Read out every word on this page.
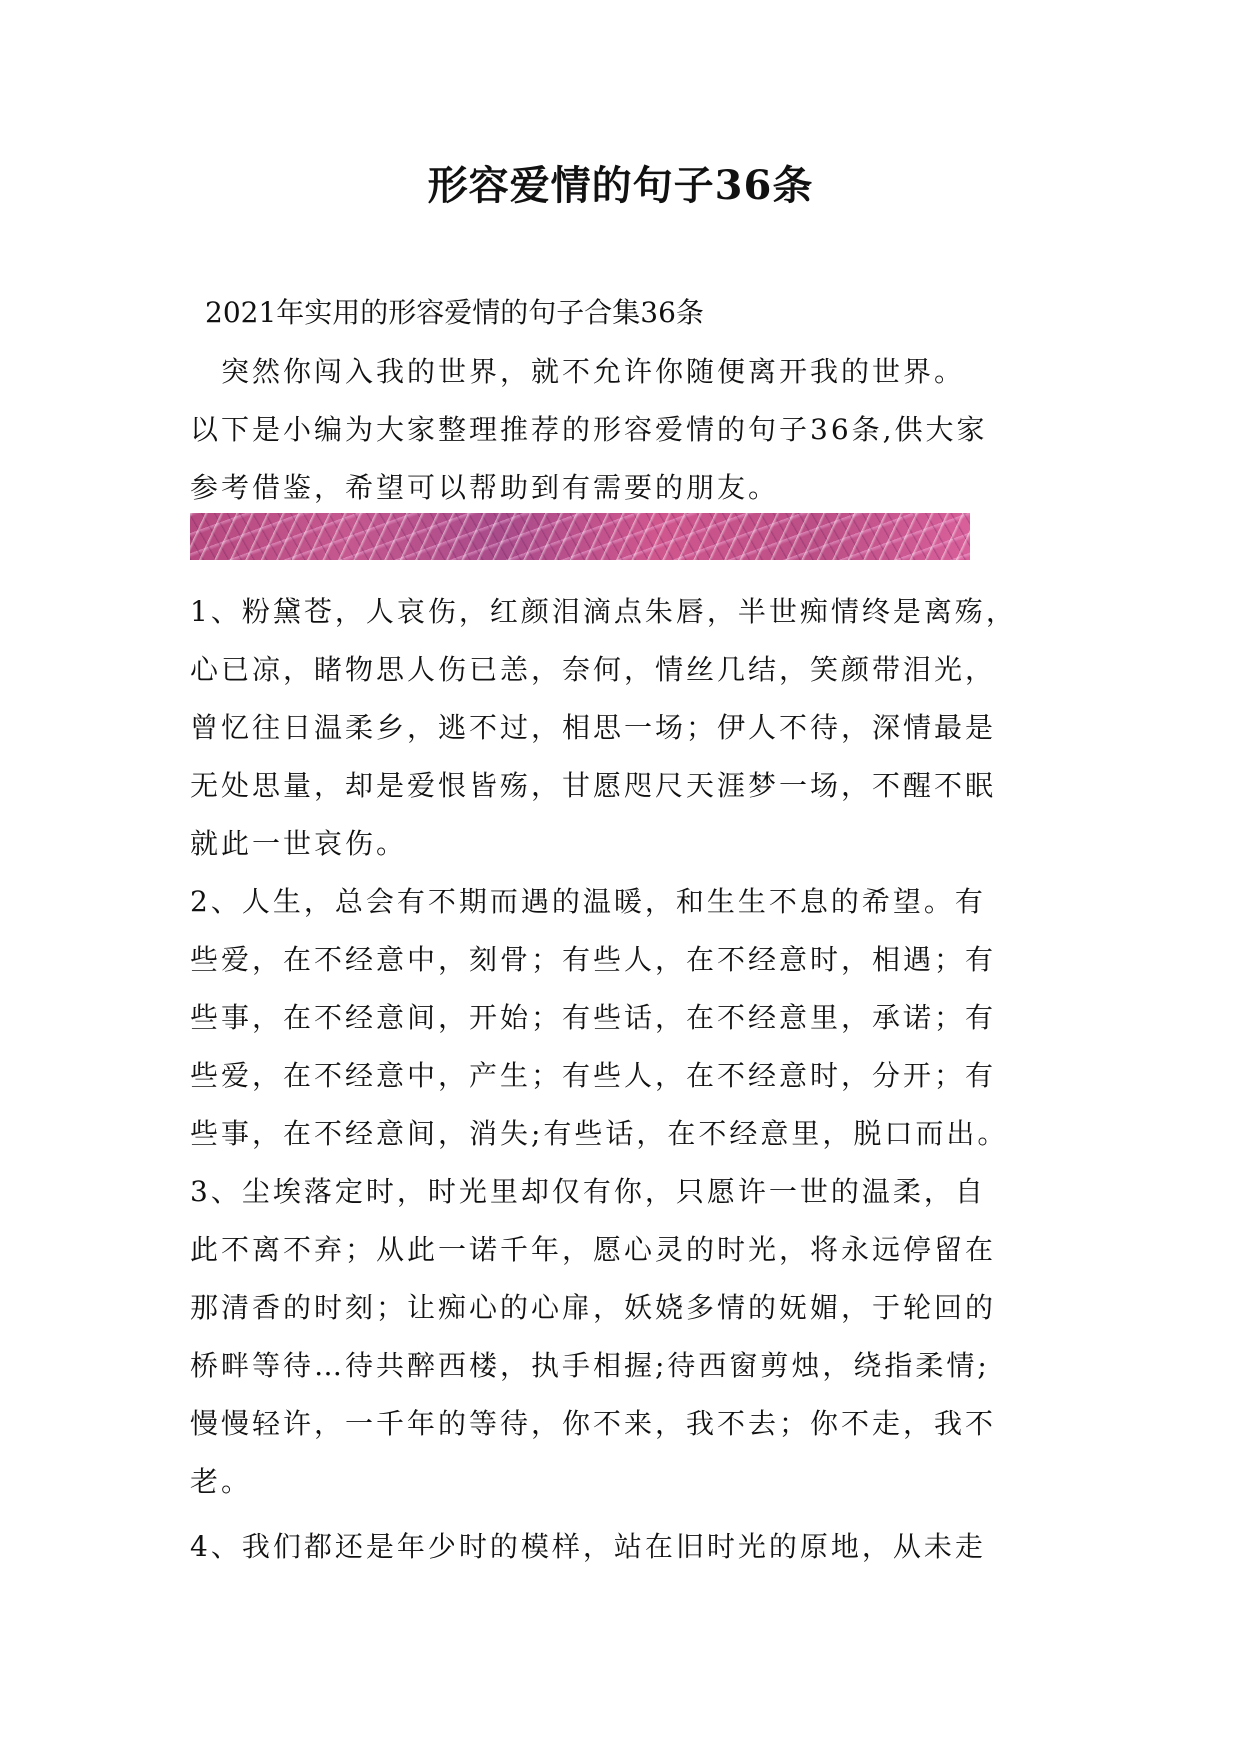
形容爱情的句子36条
2021年实用的形容爱情的句子合集36条
　突然你闯入我的世界，就不允许你随便离开我的世界。
以下是小编为大家整理推荐的形容爱情的句子36条,供大家
参考借鉴，希望可以帮助到有需要的朋友。
1、粉黛苍，人哀伤，红颜泪滴点朱唇，半世痴情终是离殇，
心已凉，睹物思人伤已恙，奈何，情丝几结，笑颜带泪光，
曾忆往日温柔乡，逃不过，相思一场；伊人不待，深情最是
无处思量，却是爱恨皆殇，甘愿咫尺天涯梦一场，不醒不眠
就此一世哀伤。
2、人生，总会有不期而遇的温暖，和生生不息的希望。有
些爱，在不经意中，刻骨；有些人，在不经意时，相遇；有
些事，在不经意间，开始；有些话，在不经意里，承诺；有
些爱，在不经意中，产生；有些人，在不经意时，分开；有
些事，在不经意间，消失;有些话，在不经意里，脱口而出。
3、尘埃落定时，时光里却仅有你，只愿许一世的温柔，自
此不离不弃；从此一诺千年，愿心灵的时光，将永远停留在
那清香的时刻；让痴心的心扉，妖娆多情的妩媚，于轮回的
桥畔等待…待共醉西楼，执手相握;待西窗剪烛，绕指柔情;
慢慢轻许，一千年的等待，你不来，我不去；你不走，我不
老。
4、我们都还是年少时的模样，站在旧时光的原地，从未走
